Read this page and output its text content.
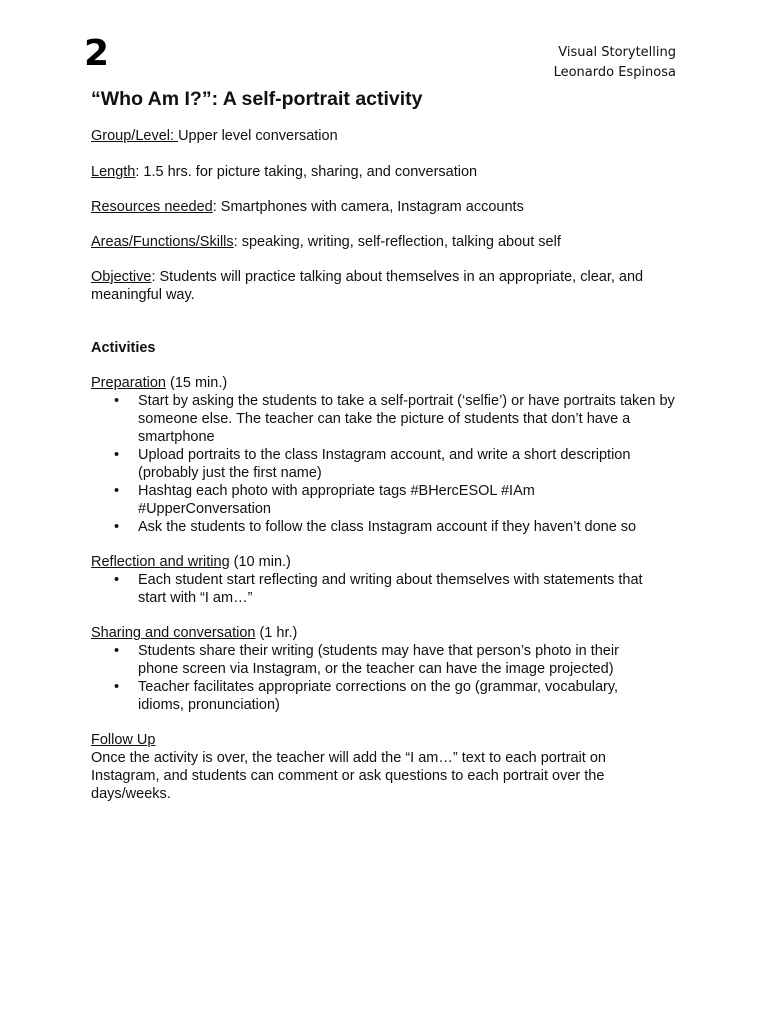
2	Visual Storytelling
Leonardo Espinosa
“Who Am I?”: A self-portrait activity

Group/Level: Upper level conversation

Length: 1.5 hrs. for picture taking, sharing, and conversation

Resources needed: Smartphones with camera, Instagram accounts

Areas/Functions/Skills: speaking, writing, self-reflection, talking about self

Objective: Students will practice talking about themselves in an appropriate, clear, and meaningful way.

Activities

Preparation (15 min.)

• Start by asking the students to take a self-portrait (‘selfie’) or have portraits taken by someone else. The teacher can take the picture of students that don’t have a smartphone
• Upload portraits to the class Instagram account, and write a short description (probably just the first name)
• Hashtag each photo with appropriate tags #BHercESOL #IAm #UpperConversation
• Ask the students to follow the class Instagram account if they haven’t done so

Reflection and writing (10 min.)

• Each student start reflecting and writing about themselves with statements that start with “I am…”

Sharing and conversation (1 hr.)

• Students share their writing (students may have that person’s photo in their phone screen via Instagram, or the teacher can have the image projected)
• Teacher facilitates appropriate corrections on the go (grammar, vocabulary, idioms, pronunciation)

Follow Up

Once the activity is over, the teacher will add the “I am…” text to each portrait on Instagram, and students can comment or ask questions to each portrait over the days/weeks.
